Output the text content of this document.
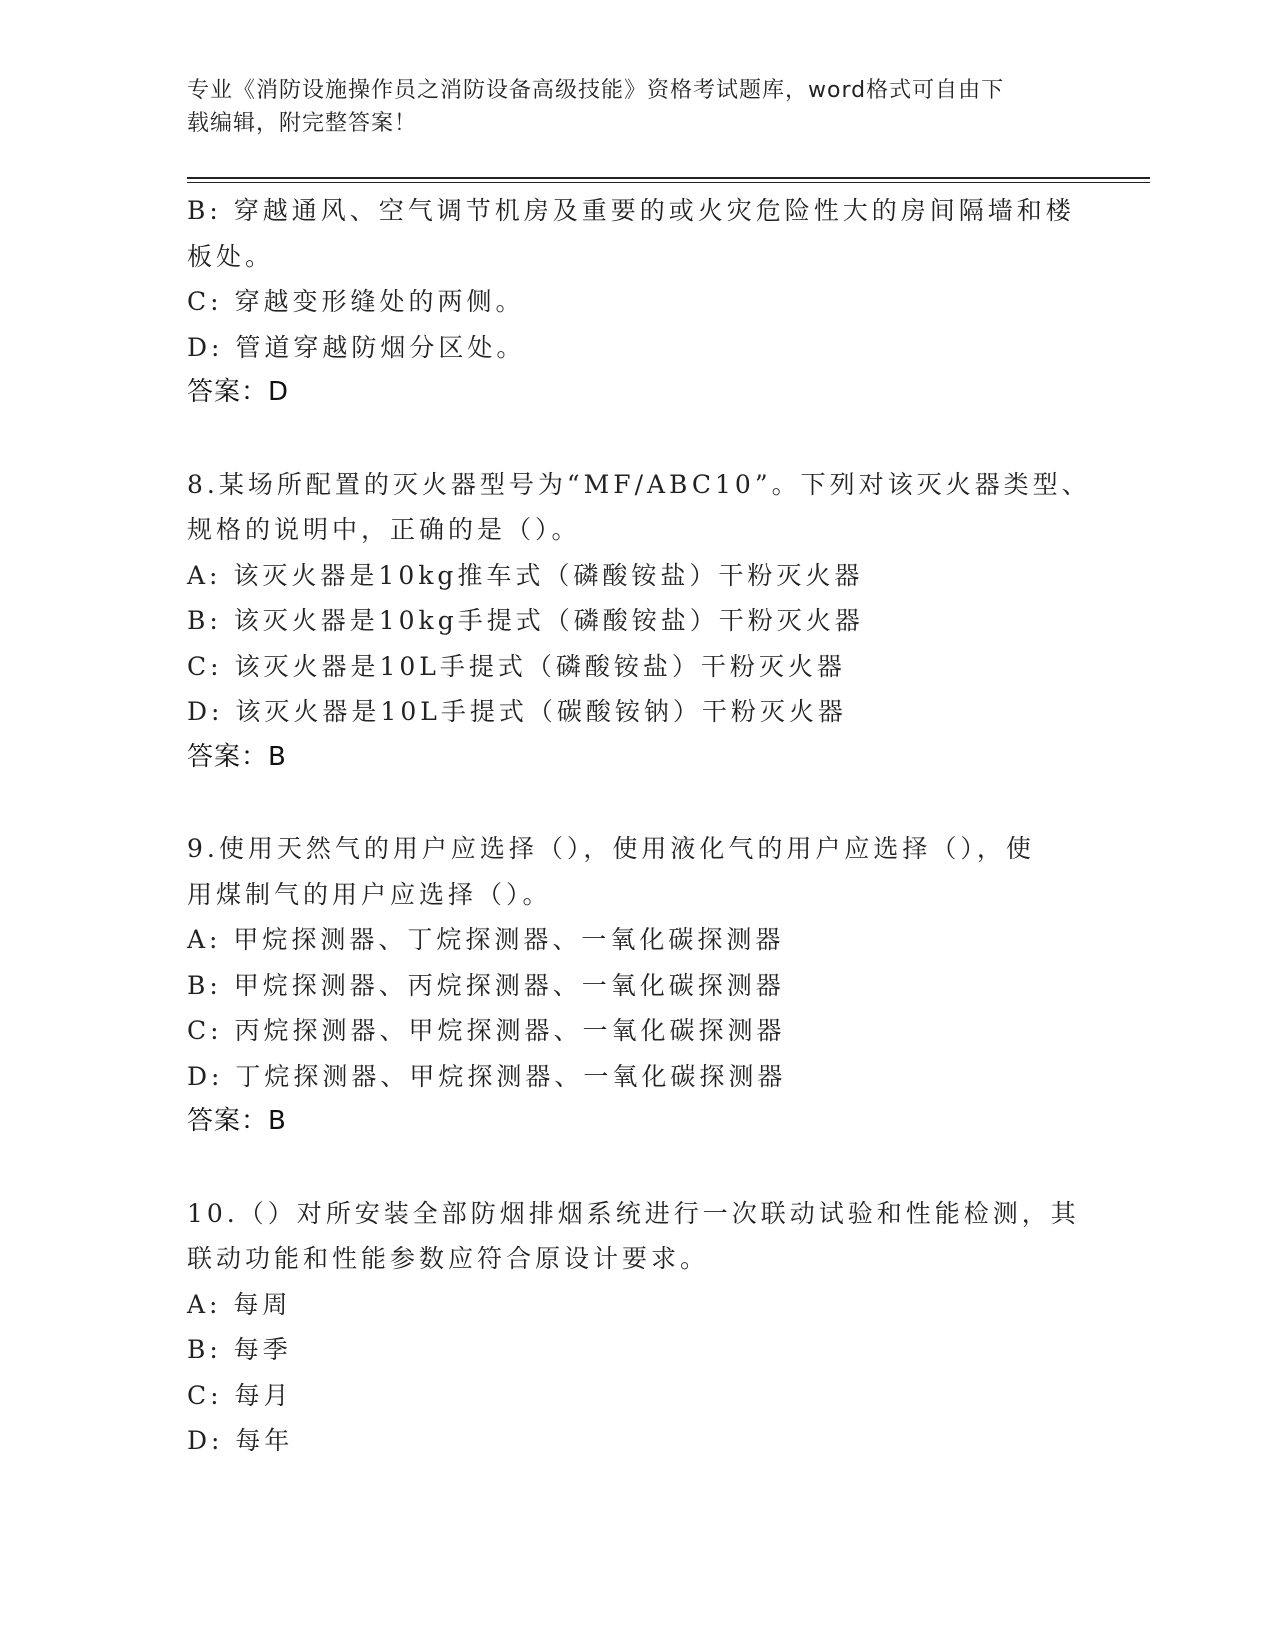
专业《消防设施操作员之消防设备高级技能》资格考试题库，word格式可自由下
载编辑，附完整答案！
B: 穿越通风、空气调节机房及重要的或火灾危险性大的房间隔墙和楼
板处。
C: 穿越变形缝处的两侧。
D: 管道穿越防烟分区处。
答案：D
8.某场所配置的灭火器型号为“MF/ABC10”。下列对该灭火器类型、
规格的说明中，正确的是（）。
A: 该灭火器是10kg推车式（磷酸铵盐）干粉灭火器
B: 该灭火器是10kg手提式（磷酸铵盐）干粉灭火器
C: 该灭火器是10L手提式（磷酸铵盐）干粉灭火器
D: 该灭火器是10L手提式（碳酸铵钠）干粉灭火器
答案：B
9.使用天然气的用户应选择（），使用液化气的用户应选择（），使
用煤制气的用户应选择（）。
A: 甲烷探测器、丁烷探测器、一氧化碳探测器
B: 甲烷探测器、丙烷探测器、一氧化碳探测器
C: 丙烷探测器、甲烷探测器、一氧化碳探测器
D: 丁烷探测器、甲烷探测器、一氧化碳探测器
答案：B
10.（）对所安装全部防烟排烟系统进行一次联动试验和性能检测，其
联动功能和性能参数应符合原设计要求。
A: 每周
B: 每季
C: 每月
D: 每年
